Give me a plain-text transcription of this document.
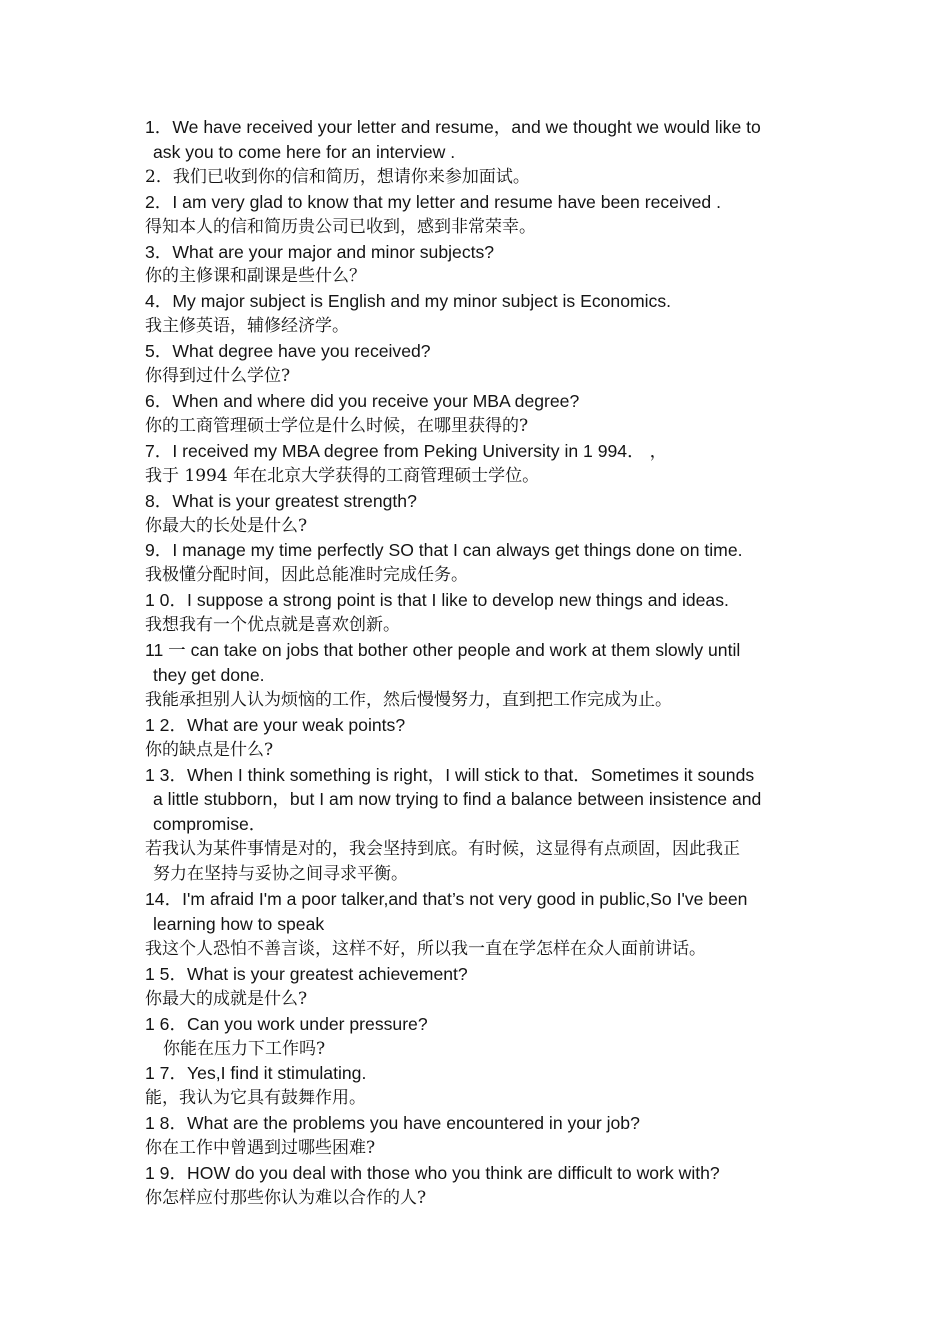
1．We have received your letter and resume，and we thought we would like to
ask you to come here for an interview .
2．我们已收到你的信和简历，想请你来参加面试。
2．I am very glad to know that my letter and resume have been received .
得知本人的信和简历贵公司已收到，感到非常荣幸。
3．What are your major and minor subjects?
你的主修课和副课是些什么？
4．My major subject is English and my minor subject is Economics.
我主修英语，辅修经济学。
5．What degree have you received?
你得到过什么学位?
6．When and where did you receive your MBA degree?
你的工商管理硕士学位是什么时候，在哪里获得的?
7．I received my MBA degree from Peking University in 1 994． ，
我于 1994 年在北京大学获得的工商管理硕士学位。
8．What is your greatest strength?
你最大的长处是什么?
9．I manage my time perfectly SO that I can always get things done on time.
我极懂分配时间，因此总能准时完成任务。
1 0．I suppose a strong point is that I like to develop new things and ideas.
我想我有一个优点就是喜欢创新。
11 一 can take on jobs that bother other people and work at them slowly until
they get done.
我能承担别人认为烦恼的工作，然后慢慢努力，直到把工作完成为止。
1 2．What are your weak points?
你的缺点是什么?
1 3．When I think something is right，I will stick to that．Sometimes it sounds
a little stubborn，but I am now trying to find a balance between insistence and
compromise．
若我认为某件事情是对的，我会坚持到底。有时候，这显得有点顽固，因此我正
努力在坚持与妥协之间寻求平衡。
14．I'm afraid I'm a poor talker,and that’s not very good in public,So I've been
learning how to speak
我这个人恐怕不善言谈，这样不好，所以我一直在学怎样在众人面前讲话。
1 5．What is your greatest achievement?
你最大的成就是什么?
1 6．Can you work under pressure?
你能在压力下工作吗?
1 7．Yes,I find it stimulating.
能，我认为它具有鼓舞作用。
1 8．What are the problems you have encountered in your job?
你在工作中曾遇到过哪些困难?
1 9．HOW do you deal with those who you think are difficult to work with?
你怎样应付那些你认为难以合作的人?
